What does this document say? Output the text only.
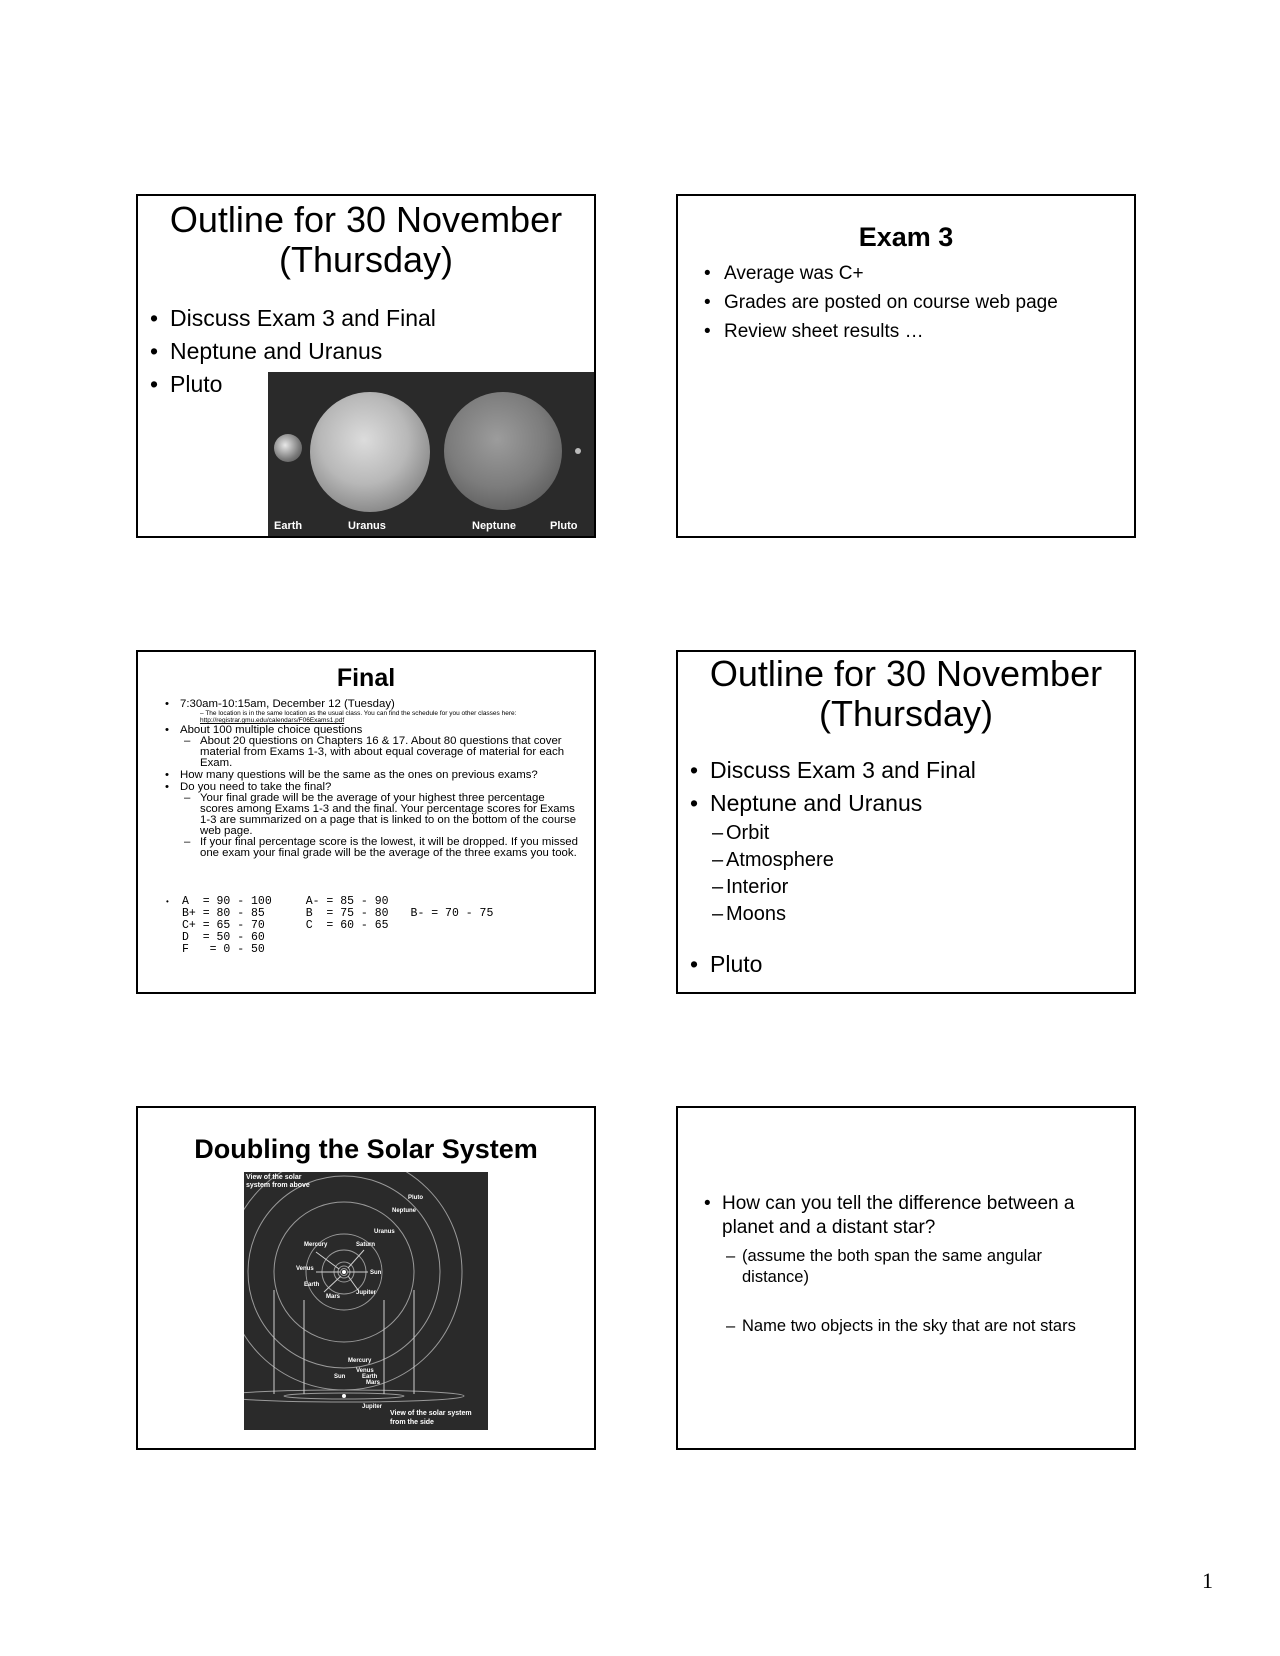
Outline for 30 November (Thursday)
• Discuss Exam 3 and Final
• Neptune and Uranus
• Pluto
Earth	Uranus	Neptune	Pluto
Exam 3
• Average was C+
• Grades are posted on course web page
• Review sheet results …
Final
• 7:30am-10:15am, December 12 (Tuesday)
– The location is in the same location as the usual class. You can find the schedule for you other classes here:
http://registrar.gmu.edu/calendars/F06Exams1.pdf
• About 100 multiple choice questions
– About 20 questions on Chapters 16 & 17. About 80 questions that cover material from Exams 1-3, with about equal coverage of material for each Exam.
• How many questions will be the same as the ones on previous exams?
• Do you need to take the final?
– Your final grade will be the average of your highest three percentage scores among Exams 1-3 and the final. Your percentage scores for Exams 1-3 are summarized on a page that is linked to on the bottom of the course web page.
– If your final percentage score is the lowest, it will be dropped. If you missed one exam your final grade will be the average of the three exams you took.
• A  = 90 - 100	A- = 85 - 90	
B+ = 80 - 85	B  = 75 - 80	B- = 70 - 75
C+ = 65 - 70	C  = 60 - 65	
D  = 50 - 60		
F   = 0 - 50		
Outline for 30 November (Thursday)
• Discuss Exam 3 and Final
• Neptune and Uranus
– Orbit
– Atmosphere
– Interior
– Moons
• Pluto
Doubling the Solar System
View of the solar
system from above
Pluto
Neptune
Uranus
Mercury	Saturn
Venus
Sun
Earth
Mars
Jupiter
Mercury
Venus
Sun	Earth
Mars
Jupiter
View of the solar system
from the side
• How can you tell the difference between a planet and a distant star?
– (assume the both span the same angular distance)
– Name two objects in the sky that are not stars
1
